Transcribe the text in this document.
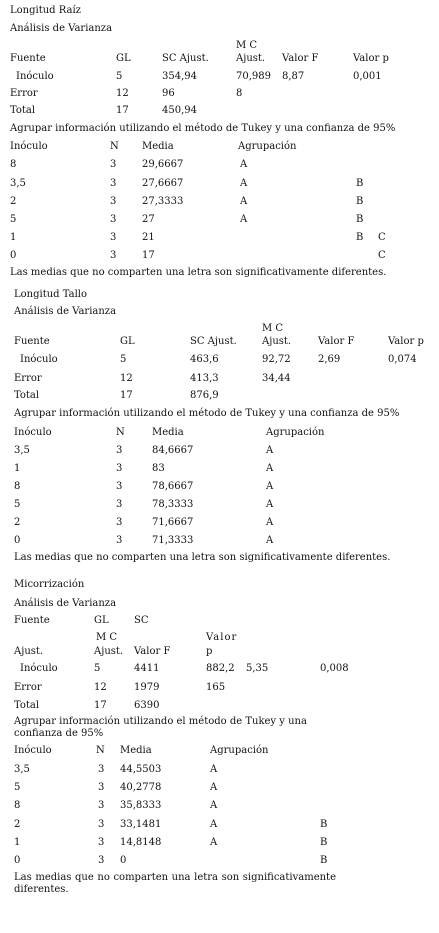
Longitud Raíz
Análisis de Varianza
M C
Fuente	GL	SC Ajust.	Ajust. Valor F	Valor p
Inóculo	5	354,94	70,989 8,87	0,001
Error	12	96	8
Total	17	450,94
Agrupar información utilizando el método de Tukey y una confianza de 95%
Inóculo	N Media	Agrupación
8	3	29,6667	A
3,5	3	27,6667	A	B
2	3	27,3333	A	B
5	3	27	A	B
1	3	21	B C
0	3	17	C
Las medias que no comparten una letra son significativamente diferentes.
Longitud Tallo
Análisis de Varianza
M C
Fuente	GL	SC Ajust.	Ajust.	Valor F	Valor p
Inóculo	5	463,6	92,72	2,69	0,074
Error	12	413,3	34,44
Total	17	876,9
Agrupar información utilizando el método de Tukey y una confianza de 95%
Inóculo	N	Media	Agrupación
3,5	3	84,6667	A
1	3	83	A
8	3	78,6667	A
5	3	78,3333	A
2	3	71,6667	A
0	3	71,3333	A
Las medias que no comparten una letra son significativamente diferentes.
Micorrización
Análisis de Varianza
Fuente	GL	SC
M C	Valor
Ajust.	Ajust. Valor F	p
Inóculo	5	4411	882,2 5,35	0,008
Error	12	1979	165
Total	17	6390
Agrupar información utilizando el método de Tukey y una confianza de 95%
Inóculo	N Media	Agrupación
3,5	3 44,5503	A
5	3 40,2778	A
8	3 35,8333	A
2	3 33,1481	A	B
1	3 14,8148	A	B
0	3 0	B
Las medias que no comparten una letra son significativamente diferentes.
